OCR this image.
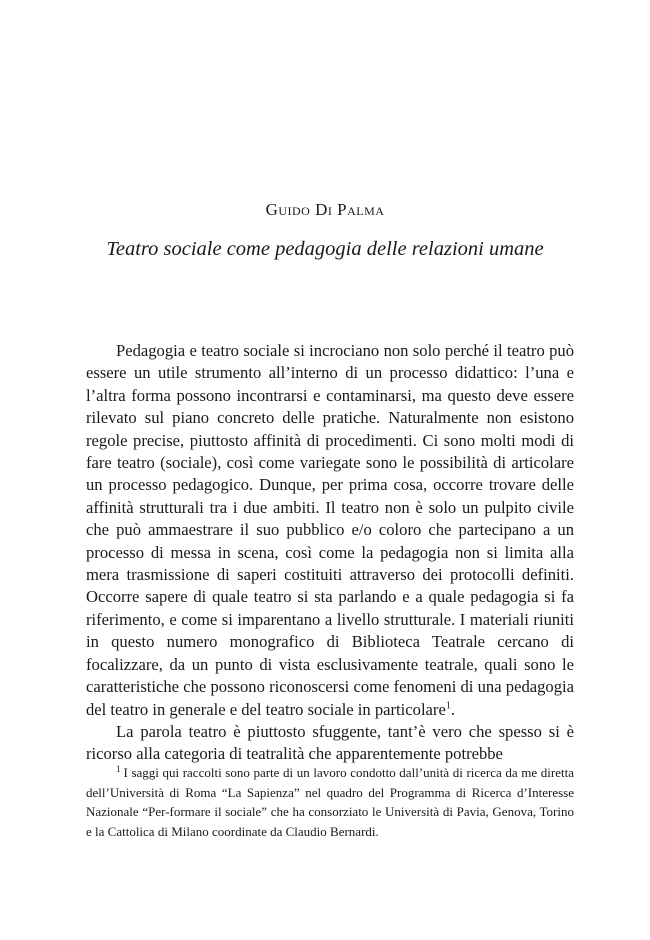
Guido Di Palma
Teatro sociale come pedagogia delle relazioni umane

Pedagogia e teatro sociale si incrociano non solo perché il teatro può essere un utile strumento all’interno di un processo didattico: l’una e l’altra forma possono incontrarsi e contaminarsi, ma questo deve essere rilevato sul piano concreto delle pratiche. Naturalmente non esistono regole precise, piuttosto affinità di procedimenti. Ci sono molti modi di fare teatro (sociale), così come variegate sono le possibilità di articolare un processo pedagogico. Dunque, per prima cosa, occorre trovare delle affinità strutturali tra i due ambiti. Il teatro non è solo un pulpito civile che può ammaestrare il suo pubblico e/o coloro che partecipano a un processo di messa in scena, così come la pedagogia non si limita alla mera trasmissione di saperi costituiti attraverso dei protocolli definiti. Occorre sapere di quale teatro si sta parlando e a quale pedagogia si fa riferimento, e come si imparentano a livello strutturale. I materiali riuniti in questo numero monografico di Biblioteca Teatrale cercano di focalizzare, da un punto di vista esclusivamente teatrale, quali sono le caratteristiche che possono riconoscersi come fenomeni di una pedagogia del teatro in generale e del teatro sociale in particolare$^1$.

La parola teatro è piuttosto sfuggente, tant’è vero che spesso si è ricorso alla categoria di teatralità che apparentemente potrebbe

$^1$ I saggi qui raccolti sono parte di un lavoro condotto dall’unità di ricerca da me diretta dell’Università di Roma “La Sapienza” nel quadro del Programma di Ricerca d’Interesse Nazionale “Per-formare il sociale” che ha consorziato le Università di Pavia, Genova, Torino e la Cattolica di Milano coordinate da Claudio Bernardi.
